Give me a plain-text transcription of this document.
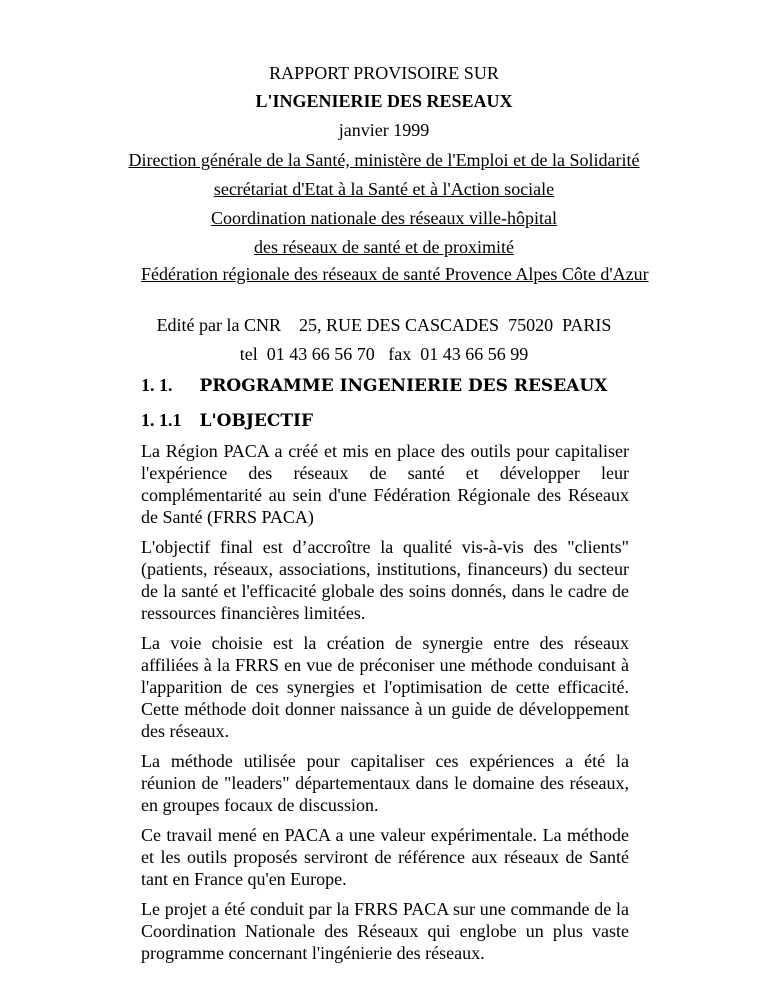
RAPPORT PROVISOIRE SUR
L'INGENIERIE DES RESEAUX
janvier 1999
Direction générale de la Santé, ministère de l'Emploi et de la Solidarité
secrétariat d'Etat à la Santé et à l'Action sociale
Coordination nationale des réseaux ville-hôpital
des réseaux de santé et de proximité
Fédération régionale des réseaux de santé Provence Alpes Côte d'Azur
Edité par la CNR    25, RUE DES CASCADES  75020  PARIS
tel  01 43 66 56 70   fax  01 43 66 56 99
1. 1. PROGRAMME INGENIERIE DES RESEAUX
1. 1.1 L'OBJECTIF

La Région PACA a créé et mis en place des outils pour capitaliser l'expérience des réseaux de santé et développer leur complémentarité au sein d'une Fédération Régionale des Réseaux de Santé (FRRS PACA)

L'objectif final est d’accroître la qualité vis-à-vis des "clients" (patients, réseaux, associations, institutions, financeurs) du secteur de la santé et l'efficacité globale des soins donnés, dans le cadre de ressources financières limitées.

La voie choisie est la création de synergie entre des réseaux affiliées à la FRRS en vue de préconiser une méthode conduisant à l'apparition de ces synergies et l'optimisation de cette efficacité. Cette méthode doit donner naissance à un guide de développement des réseaux.

La méthode utilisée pour capitaliser ces expériences a été la réunion de "leaders" départementaux dans le domaine des réseaux, en groupes focaux de discussion.

Ce travail mené en PACA a une valeur expérimentale. La méthode et les outils proposés serviront de référence aux réseaux de Santé tant en France qu'en Europe.

Le projet a été conduit par la FRRS PACA sur une commande de la Coordination Nationale des Réseaux qui englobe un plus vaste programme concernant l'ingénierie des réseaux.
